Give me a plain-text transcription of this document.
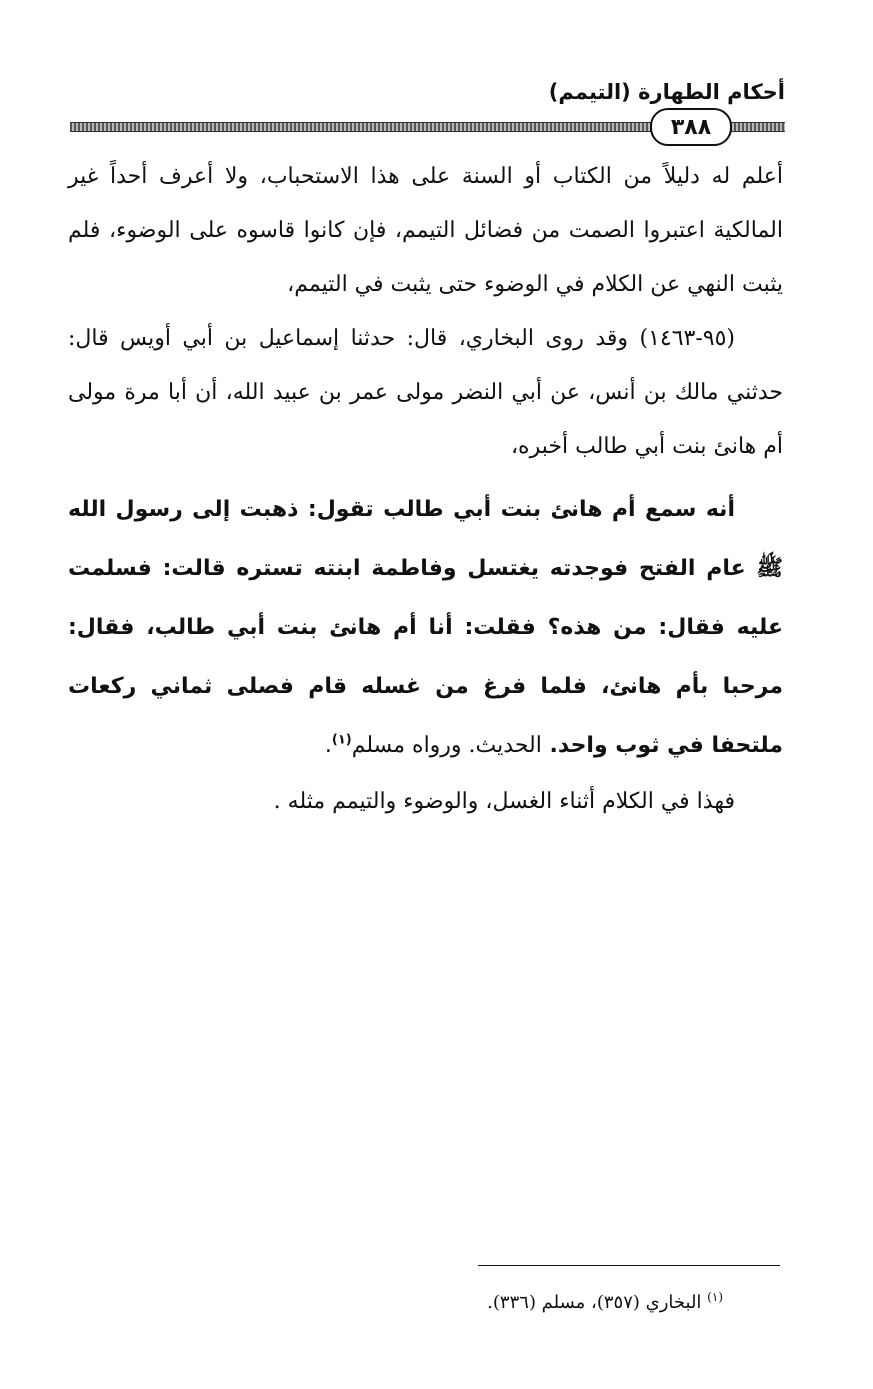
أحكام الطهارة (التيمم)
٣٨٨

أعلم له دليلاً من الكتاب أو السنة على هذا الاستحباب، ولا أعرف أحداً غير المالكية اعتبروا الصمت من فضائل التيمم، فإن كانوا قاسوه على الوضوء، فلم يثبت النهي عن الكلام في الوضوء حتى يثبت في التيمم،

(٩٥-١٤٦٣) وقد روى البخاري، قال: حدثنا إسماعيل بن أبي أويس قال: حدثني مالك بن أنس، عن أبي النضر مولى عمر بن عبيد الله، أن أبا مرة مولى أم هانئ بنت أبي طالب أخبره،

أنه سمع أم هانئ بنت أبي طالب تقول: ذهبت إلى رسول الله ﷺ عام الفتح فوجدته يغتسل وفاطمة ابنته تستره قالت: فسلمت عليه فقال: من هذه؟ فقلت: أنا أم هانئ بنت أبي طالب، فقال: مرحبا بأم هانئ، فلما فرغ من غسله قام فصلى ثماني ركعات ملتحفا في ثوب واحد. الحديث. ورواه مسلم$^{(١)}$.

فهذا في الكلام أثناء الغسل، والوضوء والتيمم مثله .

$^{(١)}$ البخاري (٣٥٧)، مسلم (٣٣٦).
